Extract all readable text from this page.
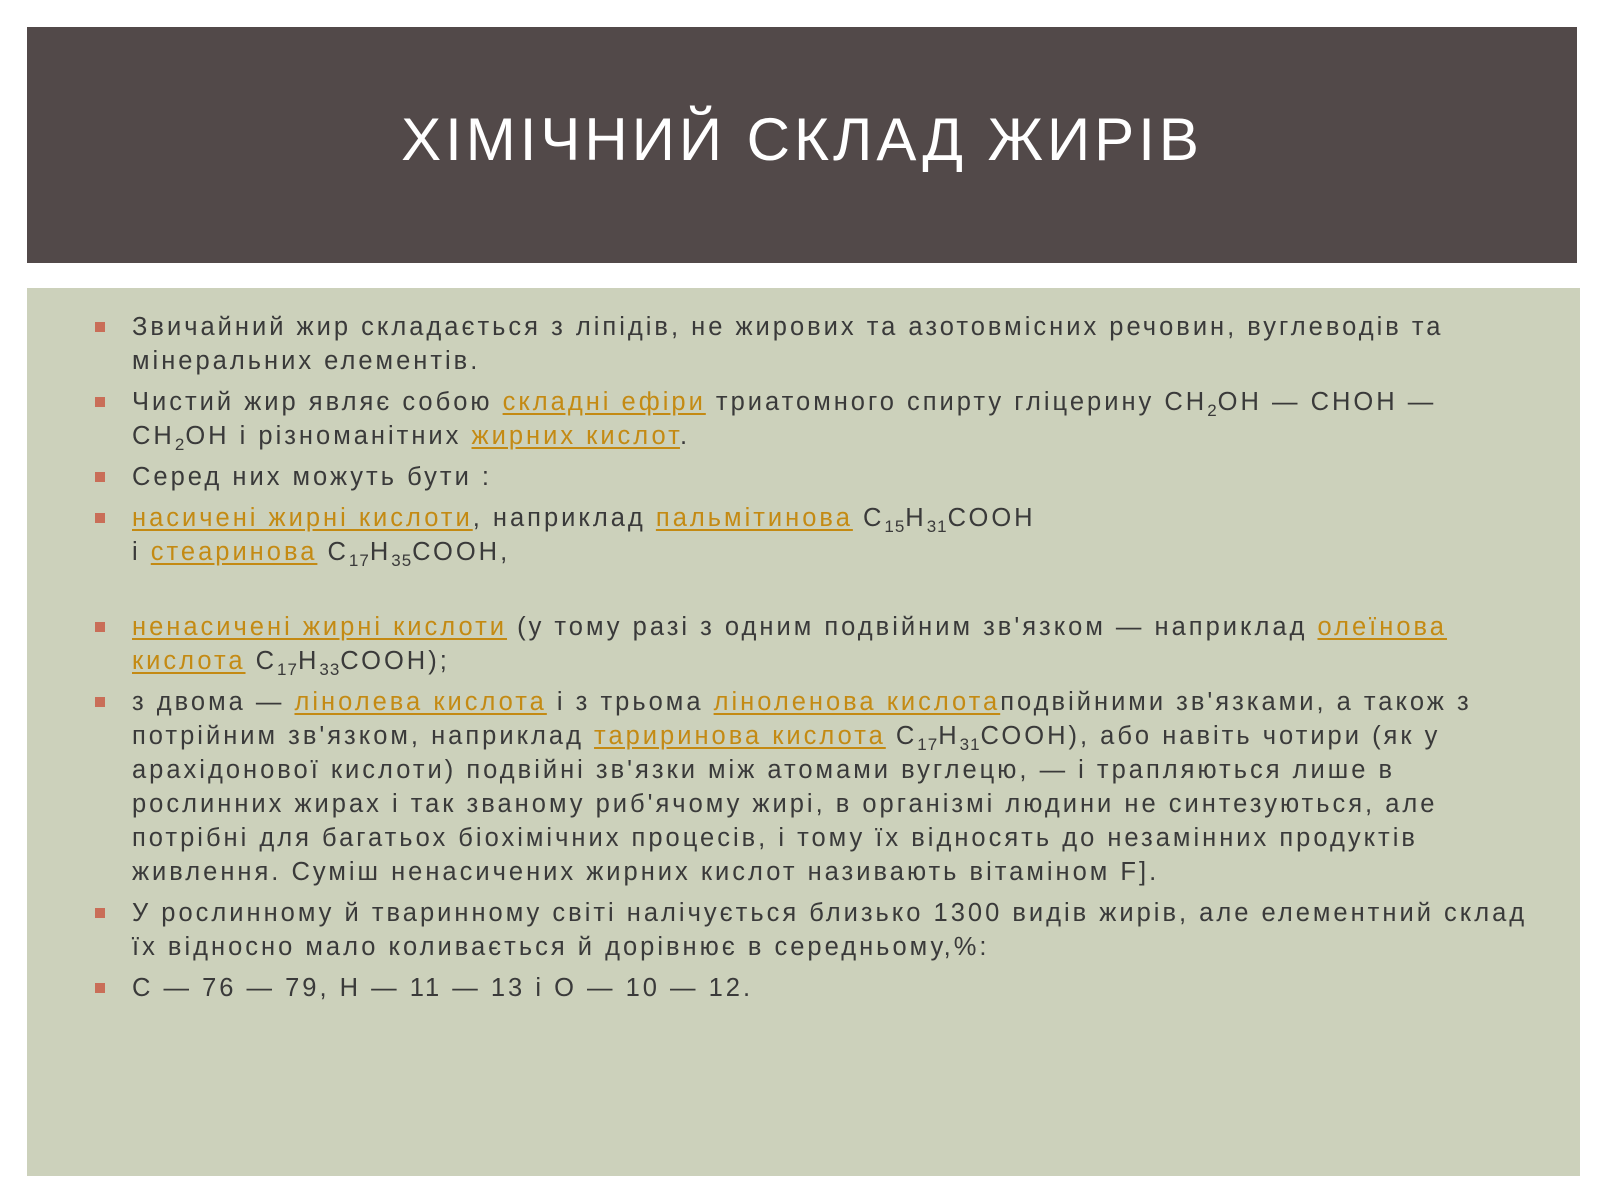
ХІМІЧНИЙ СКЛАД ЖИРІВ
Звичайний жир складається з ліпідів, не жирових та азотовмісних речовин, вуглеводів та мінеральних елементів.
Чистий жир являє собою складні ефіри триатомного спирту гліцерину $СН_2ОН$ — СНОН — $СН_2ОН$ і різноманітних жирних кислот.
Серед них можуть бути :
насичені жирні кислоти, наприклад пальмітинова $С_{15}Н_{31}СООН$
і стеаринова $С_{17}Н_{35}СООН$,
ненасичені жирні кислоти (у тому разі з одним подвійним зв'язком — наприклад олеїнова кислота $С_{17}Н_{33}СООН$);
з двома — лінолева кислота і з трьома ліноленова кислотаподвійними зв'язками, а також з потрійним зв'язком, наприклад тариринова кислота $С_{17}Н_{31}СООН$), або навіть чотири (як у арахідонової кислоти) подвійні зв'язки між атомами вуглецю, — і трапляються лише в рослинних жирах і так званому риб'ячому жирі, в організмі людини не синтезуються, але потрібні для багатьох біохімічних процесів, і тому їх відносять до незамінних продуктів живлення. Суміш ненасичених жирних кислот називають вітаміном F].
У рослинному й тваринному світі налічується близько 1300 видів жирів, але елементний склад їх відносно мало коливається й дорівнює в середньому,%:
С — 76 — 79, Н — 11 — 13 і О — 10 — 12.
